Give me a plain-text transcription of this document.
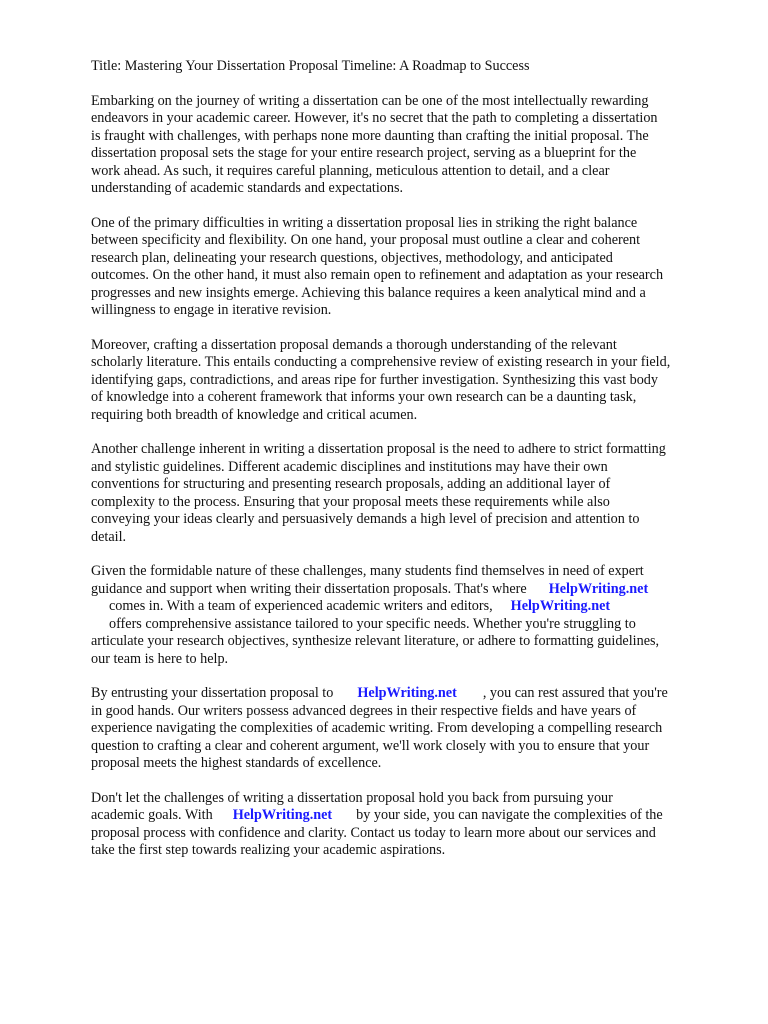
Title: Mastering Your Dissertation Proposal Timeline: A Roadmap to Success

Embarking on the journey of writing a dissertation can be one of the most intellectually rewarding
endeavors in your academic career. However, it's no secret that the path to completing a dissertation
is fraught with challenges, with perhaps none more daunting than crafting the initial proposal. The
dissertation proposal sets the stage for your entire research project, serving as a blueprint for the
work ahead. As such, it requires careful planning, meticulous attention to detail, and a clear
understanding of academic standards and expectations.

One of the primary difficulties in writing a dissertation proposal lies in striking the right balance
between specificity and flexibility. On one hand, your proposal must outline a clear and coherent
research plan, delineating your research questions, objectives, methodology, and anticipated
outcomes. On the other hand, it must also remain open to refinement and adaptation as your research
progresses and new insights emerge. Achieving this balance requires a keen analytical mind and a
willingness to engage in iterative revision.

Moreover, crafting a dissertation proposal demands a thorough understanding of the relevant
scholarly literature. This entails conducting a comprehensive review of existing research in your field,
identifying gaps, contradictions, and areas ripe for further investigation. Synthesizing this vast body
of knowledge into a coherent framework that informs your own research can be a daunting task,
requiring both breadth of knowledge and critical acumen.

Another challenge inherent in writing a dissertation proposal is the need to adhere to strict formatting
and stylistic guidelines. Different academic disciplines and institutions may have their own
conventions for structuring and presenting research proposals, adding an additional layer of
complexity to the process. Ensuring that your proposal meets these requirements while also
conveying your ideas clearly and persuasively demands a high level of precision and attention to
detail.

Given the formidable nature of these challenges, many students find themselves in need of expert
guidance and support when writing their dissertation proposals. That's where HelpWriting.net
comes in. With a team of experienced academic writers and editors, HelpWriting.net
offers comprehensive assistance tailored to your specific needs. Whether you're struggling to
articulate your research objectives, synthesize relevant literature, or adhere to formatting guidelines,
our team is here to help.

By entrusting your dissertation proposal to HelpWriting.net , you can rest assured that you're
in good hands. Our writers possess advanced degrees in their respective fields and have years of
experience navigating the complexities of academic writing. From developing a compelling research
question to crafting a clear and coherent argument, we'll work closely with you to ensure that your
proposal meets the highest standards of excellence.

Don't let the challenges of writing a dissertation proposal hold you back from pursuing your
academic goals. With HelpWriting.net by your side, you can navigate the complexities of the
proposal process with confidence and clarity. Contact us today to learn more about our services and
take the first step towards realizing your academic aspirations.
